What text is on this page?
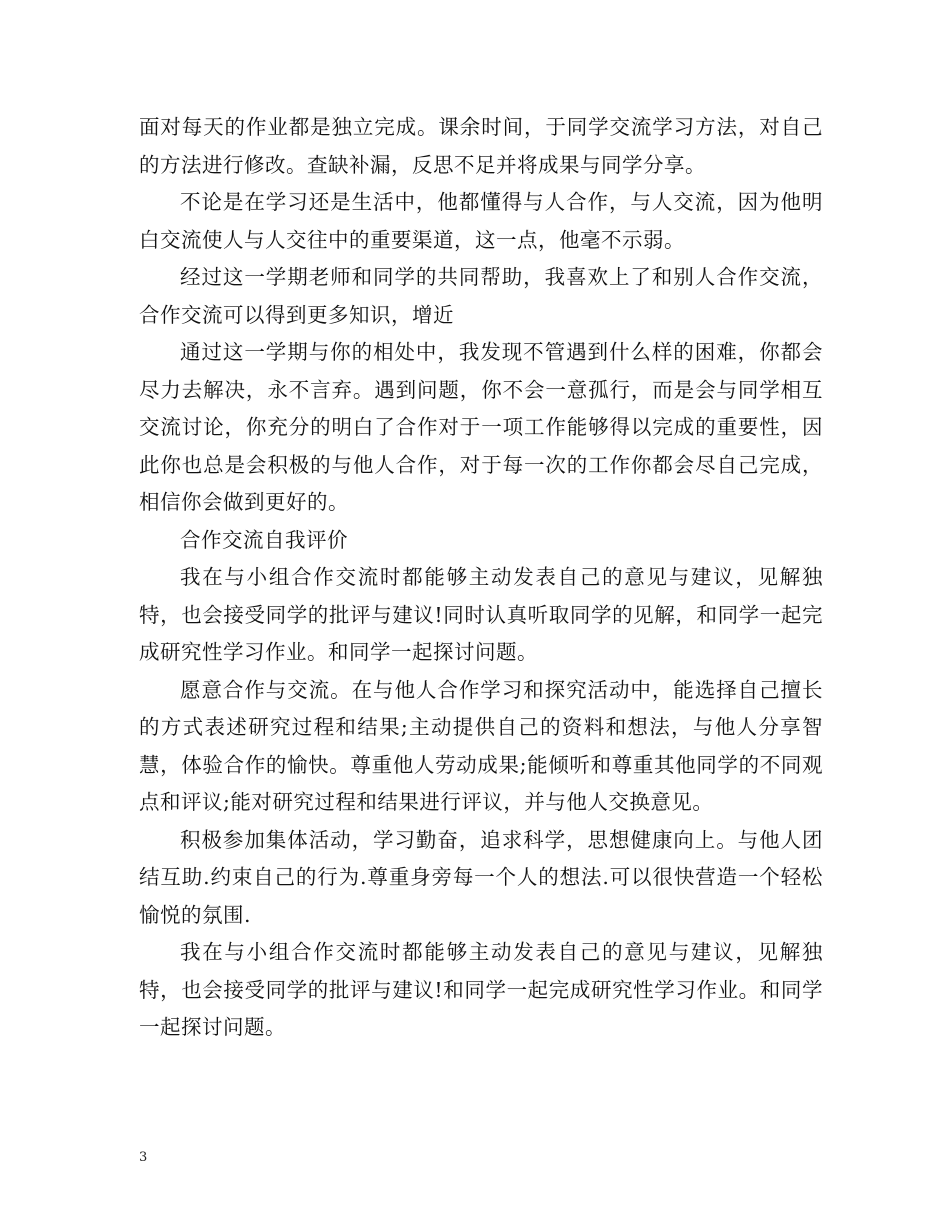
面对每天的作业都是独立完成。课余时间，于同学交流学习方法，对自己的方法进行修改。查缺补漏，反思不足并将成果与同学分享。

不论是在学习还是生活中，他都懂得与人合作，与人交流，因为他明白交流使人与人交往中的重要渠道，这一点，他毫不示弱。

经过这一学期老师和同学的共同帮助，我喜欢上了和别人合作交流，合作交流可以得到更多知识，增近

通过这一学期与你的相处中，我发现不管遇到什么样的困难，你都会尽力去解决，永不言弃。遇到问题，你不会一意孤行，而是会与同学相互交流讨论，你充分的明白了合作对于一项工作能够得以完成的重要性，因此你也总是会积极的与他人合作，对于每一次的工作你都会尽自己完成，相信你会做到更好的。

合作交流自我评价

我在与小组合作交流时都能够主动发表自己的意见与建议，见解独特，也会接受同学的批评与建议!同时认真听取同学的见解，和同学一起完成研究性学习作业。和同学一起探讨问题。

愿意合作与交流。在与他人合作学习和探究活动中，能选择自己擅长的方式表述研究过程和结果;主动提供自己的资料和想法，与他人分享智慧，体验合作的愉快。尊重他人劳动成果;能倾听和尊重其他同学的不同观点和评议;能对研究过程和结果进行评议，并与他人交换意见。

积极参加集体活动，学习勤奋，追求科学，思想健康向上。与他人团结互助.约束自己的行为.尊重身旁每一个人的想法.可以很快营造一个轻松愉悦的氛围.

我在与小组合作交流时都能够主动发表自己的意见与建议，见解独特，也会接受同学的批评与建议!和同学一起完成研究性学习作业。和同学一起探讨问题。

3
